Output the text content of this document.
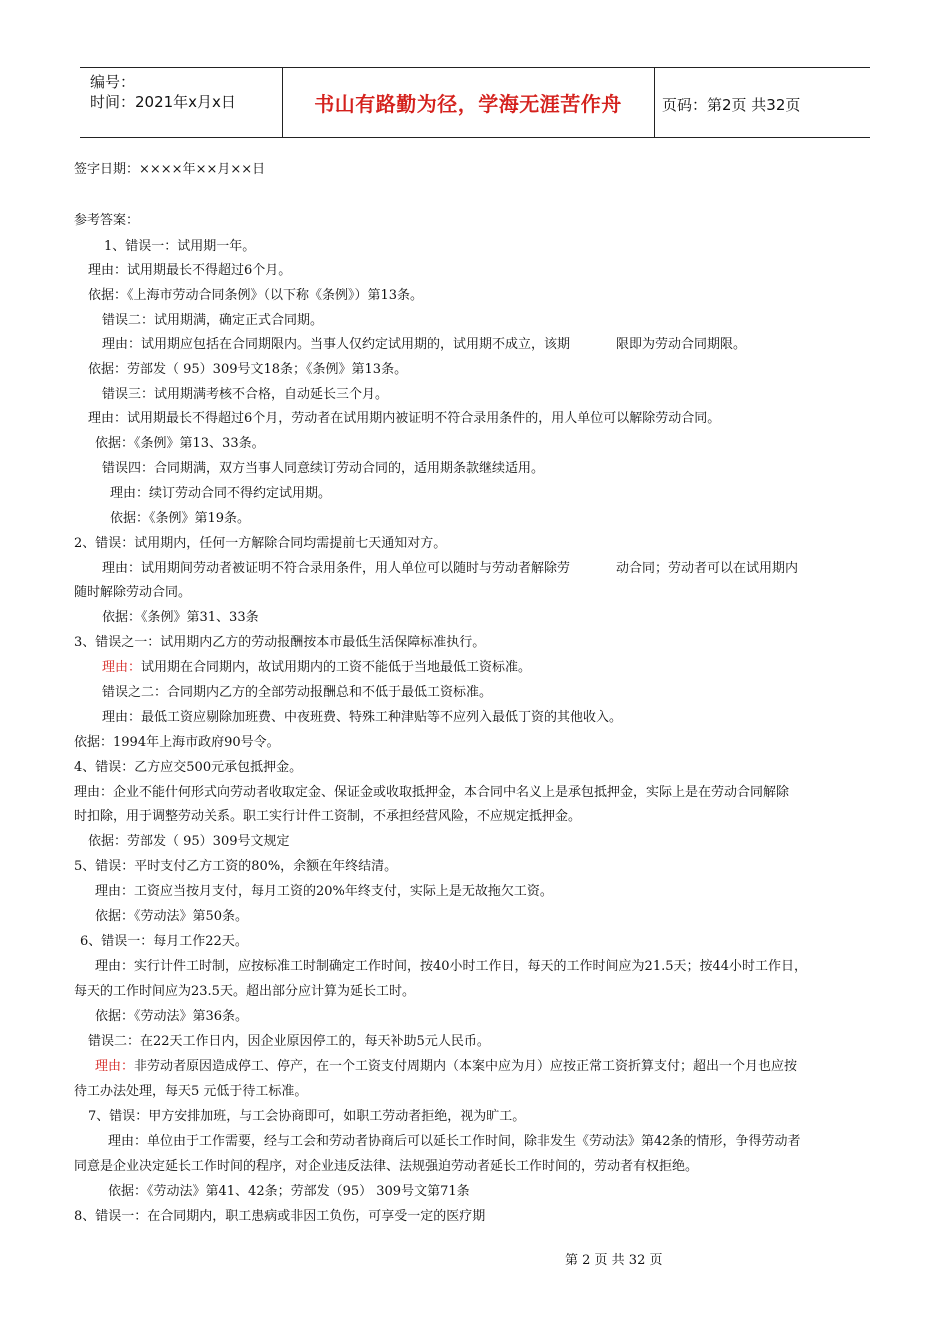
编号：
时间：2021年x月x日	书山有路勤为径，学海无涯苦作舟	页码：第2页 共32页
签字日期：××××年××月××日
参考答案：
1、错误一：试用期一年。
理由：试用期最长不得超过6个月。
依据：《上海市劳动合同条例》（以下称《条例》）第13条。
错误二：试用期满，确定正式合同期。
理由：试用期应包括在合同期限内。当事人仅约定试用期的，试用期不成立，该期	限即为劳动合同期限。
依据：劳部发（ 95）309号文18条；《条例》第13条。
错误三：试用期满考核不合格，自动延长三个月。
理由：试用期最长不得超过6个月，劳动者在试用期内被证明不符合录用条件的，用人单位可以解除劳动合同。
依据：《条例》第13、33条。
错误四：合同期满，双方当事人同意续订劳动合同的，适用期条款继续适用。
理由：续订劳动合同不得约定试用期。
依据：《条例》第19条。
2、错误：试用期内，任何一方解除合同均需提前七天通知对方。
理由：试用期间劳动者被证明不符合录用条件，用人单位可以随时与劳动者解除劳	动合同；劳动者可以在试用期内
随时解除劳动合同。
依据：《条例》第31、33条
3、错误之一：试用期内乙方的劳动报酬按本市最低生活保障标准执行。
理由：试用期在合同期内，故试用期内的工资不能低于当地最低工资标准。
错误之二：合同期内乙方的全部劳动报酬总和不低于最低工资标准。
理由：最低工资应剔除加班费、中夜班费、特殊工种津贴等不应列入最低丁资的其他收入。
依据：1994年上海市政府90号令。
4、错误：乙方应交500元承包抵押金。
理由：企业不能什何形式向劳动者收取定金、保证金或收取抵押金，本合同中名义上是承包抵押金，实际上是在劳动合同解除
时扣除，用于调整劳动关系。职工实行计件工资制，不承担经营风险，不应规定抵押金。
依据：劳部发（ 95）309号文规定
5、错误：平时支付乙方工资的80%，余额在年终结清。
理由：工资应当按月支付，每月工资的20%年终支付，实际上是无故拖欠工资。
依据：《劳动法》第50条。
6、错误一：每月工作22天。
理由：实行计件工时制，应按标准工时制确定工作时间，按40小时工作日，每天的工作时间应为21.5天；按44小时工作日，
每天的工作时间应为23.5天。超出部分应计算为延长工时。
依据：《劳动法》第36条。
错误二：在22天工作日内，因企业原因停工的，每天补助5元人民币。
理由：非劳动者原因造成停工、停产，在一个工资支付周期内（本案中应为月）应按正常工资折算支付；超出一个月也应按
待工办法处理，每天5 元低于待工标准。
7、错误：甲方安排加班，与工会协商即可，如职工劳动者拒绝，视为旷工。
理由：单位由于工作需要，经与工会和劳动者协商后可以延长工作时间，除非发生《劳动法》第42条的情形，争得劳动者
同意是企业决定延长工作时间的程序，对企业违反法律、法规强迫劳动者延长工作时间的，劳动者有权拒绝。
依据：《劳动法》第41、42条；劳部发（95） 309号文第71条
8、错误一：在合同期内，职工患病或非因工负伤，可享受一定的医疗期
第 2 页 共 32 页
